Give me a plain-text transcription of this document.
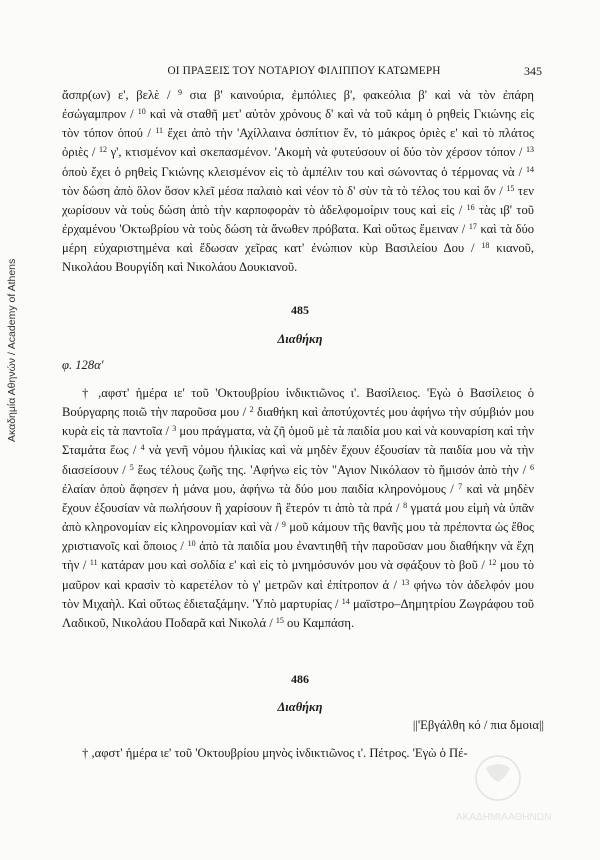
Ακαδημία Αθηνών / Academy of Athens
ΟΙ ΠΡΑΞΕΙΣ ΤΟΥ ΝΟΤΑΡΙΟΥ ΦΙΛΙΠΠΟΥ ΚΑΤΩΜΕΡΗ	345

ἄσπρ(ων) ε', βελὲ / $^9$ σια β' καινούρια, ἐμπόλιες β', φακεόλια β' καὶ νὰ τὸν ἐπάρη ἐσώγαμπρον / $^{10}$ καὶ νὰ σταθῆ μετ' αὐτὸν χρόνους δ' καὶ νὰ τοῦ κάμη ὁ ρηθεὶς Γκιώνης εἰς τὸν τόπον ὁπού / $^{11}$ ἔχει ἀπὸ τὴν 'Αχίλλαινα ὁσπίτιον ἕν, τὸ μάκρος ὀριὲς ε' καὶ τὸ πλάτος ὀριὲς / $^{12}$ γ', κτισμένον καὶ σκεπασμένον. 'Ακομὴ νὰ φυτεύσουν οἱ δύο τὸν χέρσον τόπον / $^{13}$ ὁποὺ ἔχει ὁ ρηθεὶς Γκιώνης κλεισμένον εἰς τὸ ἀμπέλιν του καὶ σώνοντας ὁ τέρμονας νὰ / $^{14}$ τὸν δώση ἀπὸ ὅλον ὅσον κλεῖ μέσα παλαιὸ καὶ νέον τὸ δ' σὺν τὰ τὸ τέλος του καὶ ὅν / $^{15}$ τεν χωρίσουν νὰ τοὺς δώση ἀπὸ τὴν καρποφορὰν τὸ ἀδελφομοίριν τους καὶ εἰς / $^{16}$ τὰς ιβ' τοῦ ἐρχαμένου 'Οκτωβρίου νὰ τοὺς δώση τὰ ἄνωθεν πρόβατα. Καὶ οὕτως ἔμειναν / $^{17}$ καὶ τὰ δύο μέρη εὐχαριστημένα καὶ ἔδωσαν χεῖρας κατ' ἐνώπιον κὺρ Βασιλείου Δου / $^{18}$ κιανοῦ, Νικολάου Βουργίδη καὶ Νικολάου Δουκιανοῦ.

485
Διαθήκη
φ. 128α'

† ,αφστ' ἡμέρα ιε' τοῦ 'Οκτουβρίου ἰνδικτιῶνος ι'. Βασίλειος. 'Εγὼ ὁ Βασίλειος ὁ Βούργαρης ποιῶ τὴν παροῦσα μου / $^2$ διαθήκη καὶ ἀποτύχοντές μου ἀφήνω τὴν σύμβιόν μου κυρὰ εἰς τὰ παντοῖα / $^3$ μου πράγματα, νὰ ζῆ ὁμοῦ μὲ τὰ παιδία μου καὶ νὰ κουναρίση καὶ τὴν Σταμάτα ἕως / $^4$ νὰ γενῆ νόμου ἡλικίας καὶ νὰ μηδὲν ἔχουν ἐξουσίαν τὰ παιδία μου νὰ τὴν διασείσουν / $^5$ ἕως τέλους ζωῆς της. 'Αφήνω εἰς τὸν "Αγιον Νικόλαον τὸ ἥμισόν ἀπὸ τὴν / $^6$ ἐλαίαν ὁποὺ ἄφησεν ἡ μάνα μου, ἀφήνω τὰ δύο μου παιδία κληρονόμους / $^7$ καὶ νὰ μηδὲν ἔχουν ἐξουσίαν νὰ πωλήσουν ἢ χαρίσουν ἢ ἕτερόν τι ἀπὸ τὰ πρά / $^8$ γματά μου εἰμὴ νὰ ὑπᾶν ἀπὸ κληρονομίαν εἰς κληρονομίαν καὶ νὰ / $^9$ μοῦ κάμουν τῆς θανῆς μου τὰ πρέποντα ὡς ἔθος χριστιανοῖς καὶ ὅποιος / $^{10}$ ἀπὸ τὰ παιδία μου ἐναντιηθῆ τὴν παροῦσαν μου διαθήκην νὰ ἔχη τὴν / $^{11}$ κατάραν μου καὶ σολδία ε' καὶ εἰς τὸ μνημόσυνόν μου νὰ σφάξουν τὸ βοῦ / $^{12}$ μου τὸ μαῦρον καὶ κρασὶν τὸ καρετέλον τὸ γ' μετρῶν καὶ ἐπίτροπον ἀ / $^{13}$ φήνω τὸν ἀδελφόν μου τὸν Μιχαὴλ. Καὶ οὕτως ἐδιεταξάμην. 'Υπὸ μαρτυρίας / $^{14}$ μαϊστρο–Δημητρίου Ζωγράφου τοῦ Λαδικοῦ, Νικολάου Ποδαρᾶ καὶ Νικολά / $^{15}$ ου Καμπάση.

486
Διαθήκη
||'Εβγάλθη κό / πια δμοια||

† ,αφστ' ἡμέρα ιε' τοῦ 'Οκτουβρίου μηνὸς ἰνδικτιῶνος ι'. Πέτρος. 'Εγὼ ὁ Πέ-

ΑΚΑΔΗΜΙΑ ΑΘΗΝΩΝ
